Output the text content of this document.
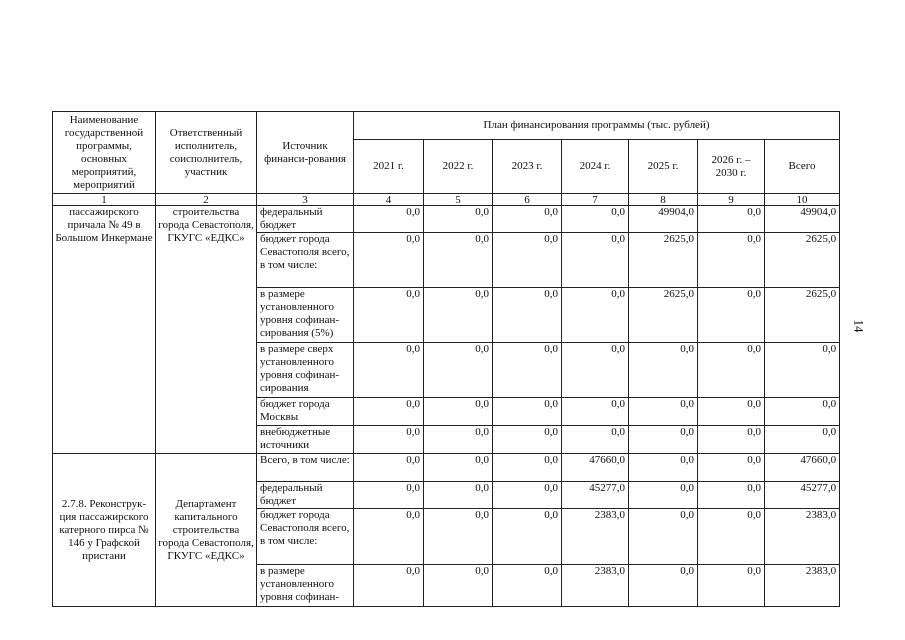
Наименование государственной программы, основных мероприятий, мероприятий	Ответственный исполнитель, соисполнитель, участник	Источник финанси-рования	План финансирования программы (тыс. рублей)						
			2021 г.	2022 г.	2023 г.	2024 г.	2025 г.	2026 г. – 2030 г.	Всего
1	2	3	4	5	6	7	8	9	10
пассажирского причала № 49 в Большом Инкермане	строительства города Севастополя, ГКУГС «ЕДКС»	федеральный бюджет	0,0	0,0	0,0	0,0	49904,0	0,0	49904,0
		бюджет города Севастополя всего, в том числе:	0,0	0,0	0,0	0,0	2625,0	0,0	2625,0
		в размере установленного уровня софинан-сирования (5%)	0,0	0,0	0,0	0,0	2625,0	0,0	2625,0
		в размере сверх установленного уровня софинан-сирования	0,0	0,0	0,0	0,0	0,0	0,0	0,0
		бюджет города Москвы	0,0	0,0	0,0	0,0	0,0	0,0	0,0
		внебюджетные источники	0,0	0,0	0,0	0,0	0,0	0,0	0,0
2.7.8. Реконструк-ция пассажирского катерного пирса № 146 у Графской пристани	Департамент капитального строительства города Севастополя, ГКУГС «ЕДКС»	Всего, в том числе:	0,0	0,0	0,0	47660,0	0,0	0,0	47660,0
		федеральный бюджет	0,0	0,0	0,0	45277,0	0,0	0,0	45277,0
		бюджет города Севастополя всего, в том числе:	0,0	0,0	0,0	2383,0	0,0	0,0	2383,0
		в размере установленного уровня софинан-	0,0	0,0	0,0	2383,0	0,0	0,0	2383,0
14
